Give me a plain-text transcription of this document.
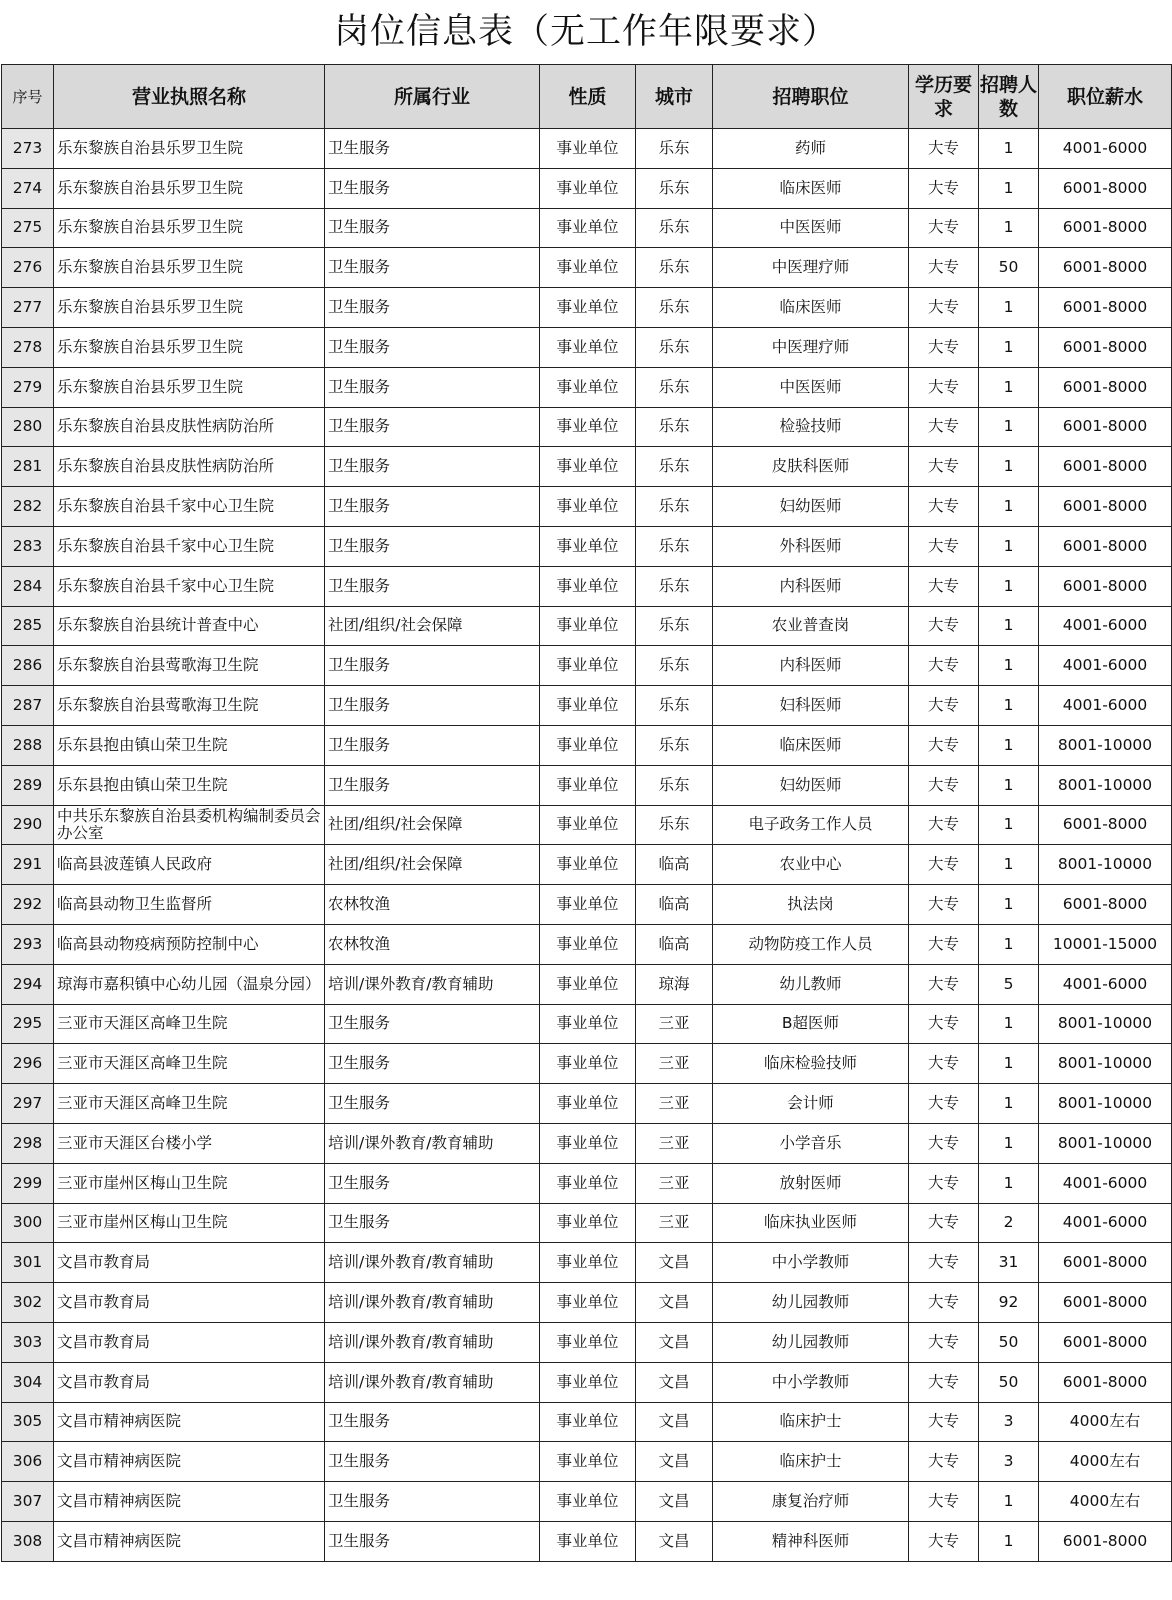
岗位信息表（无工作年限要求）
序号	营业执照名称	所属行业	性质	城市	招聘职位	学历要求	招聘人数	职位薪水
273	乐东黎族自治县乐罗卫生院	卫生服务	事业单位	乐东	药师	大专	1	4001-6000
274	乐东黎族自治县乐罗卫生院	卫生服务	事业单位	乐东	临床医师	大专	1	6001-8000
275	乐东黎族自治县乐罗卫生院	卫生服务	事业单位	乐东	中医医师	大专	1	6001-8000
276	乐东黎族自治县乐罗卫生院	卫生服务	事业单位	乐东	中医理疗师	大专	50	6001-8000
277	乐东黎族自治县乐罗卫生院	卫生服务	事业单位	乐东	临床医师	大专	1	6001-8000
278	乐东黎族自治县乐罗卫生院	卫生服务	事业单位	乐东	中医理疗师	大专	1	6001-8000
279	乐东黎族自治县乐罗卫生院	卫生服务	事业单位	乐东	中医医师	大专	1	6001-8000
280	乐东黎族自治县皮肤性病防治所	卫生服务	事业单位	乐东	检验技师	大专	1	6001-8000
281	乐东黎族自治县皮肤性病防治所	卫生服务	事业单位	乐东	皮肤科医师	大专	1	6001-8000
282	乐东黎族自治县千家中心卫生院	卫生服务	事业单位	乐东	妇幼医师	大专	1	6001-8000
283	乐东黎族自治县千家中心卫生院	卫生服务	事业单位	乐东	外科医师	大专	1	6001-8000
284	乐东黎族自治县千家中心卫生院	卫生服务	事业单位	乐东	内科医师	大专	1	6001-8000
285	乐东黎族自治县统计普查中心	社团/组织/社会保障	事业单位	乐东	农业普查岗	大专	1	4001-6000
286	乐东黎族自治县莺歌海卫生院	卫生服务	事业单位	乐东	内科医师	大专	1	4001-6000
287	乐东黎族自治县莺歌海卫生院	卫生服务	事业单位	乐东	妇科医师	大专	1	4001-6000
288	乐东县抱由镇山荣卫生院	卫生服务	事业单位	乐东	临床医师	大专	1	8001-10000
289	乐东县抱由镇山荣卫生院	卫生服务	事业单位	乐东	妇幼医师	大专	1	8001-10000
290	中共乐东黎族自治县委机构编制委员会办公室	社团/组织/社会保障	事业单位	乐东	电子政务工作人员	大专	1	6001-8000
291	临高县波莲镇人民政府	社团/组织/社会保障	事业单位	临高	农业中心	大专	1	8001-10000
292	临高县动物卫生监督所	农林牧渔	事业单位	临高	执法岗	大专	1	6001-8000
293	临高县动物疫病预防控制中心	农林牧渔	事业单位	临高	动物防疫工作人员	大专	1	10001-15000
294	琼海市嘉积镇中心幼儿园（温泉分园）	培训/课外教育/教育辅助	事业单位	琼海	幼儿教师	大专	5	4001-6000
295	三亚市天涯区高峰卫生院	卫生服务	事业单位	三亚	B超医师	大专	1	8001-10000
296	三亚市天涯区高峰卫生院	卫生服务	事业单位	三亚	临床检验技师	大专	1	8001-10000
297	三亚市天涯区高峰卫生院	卫生服务	事业单位	三亚	会计师	大专	1	8001-10000
298	三亚市天涯区台楼小学	培训/课外教育/教育辅助	事业单位	三亚	小学音乐	大专	1	8001-10000
299	三亚市崖州区梅山卫生院	卫生服务	事业单位	三亚	放射医师	大专	1	4001-6000
300	三亚市崖州区梅山卫生院	卫生服务	事业单位	三亚	临床执业医师	大专	2	4001-6000
301	文昌市教育局	培训/课外教育/教育辅助	事业单位	文昌	中小学教师	大专	31	6001-8000
302	文昌市教育局	培训/课外教育/教育辅助	事业单位	文昌	幼儿园教师	大专	92	6001-8000
303	文昌市教育局	培训/课外教育/教育辅助	事业单位	文昌	幼儿园教师	大专	50	6001-8000
304	文昌市教育局	培训/课外教育/教育辅助	事业单位	文昌	中小学教师	大专	50	6001-8000
305	文昌市精神病医院	卫生服务	事业单位	文昌	临床护士	大专	3	4000左右
306	文昌市精神病医院	卫生服务	事业单位	文昌	临床护士	大专	3	4000左右
307	文昌市精神病医院	卫生服务	事业单位	文昌	康复治疗师	大专	1	4000左右
308	文昌市精神病医院	卫生服务	事业单位	文昌	精神科医师	大专	1	6001-8000
